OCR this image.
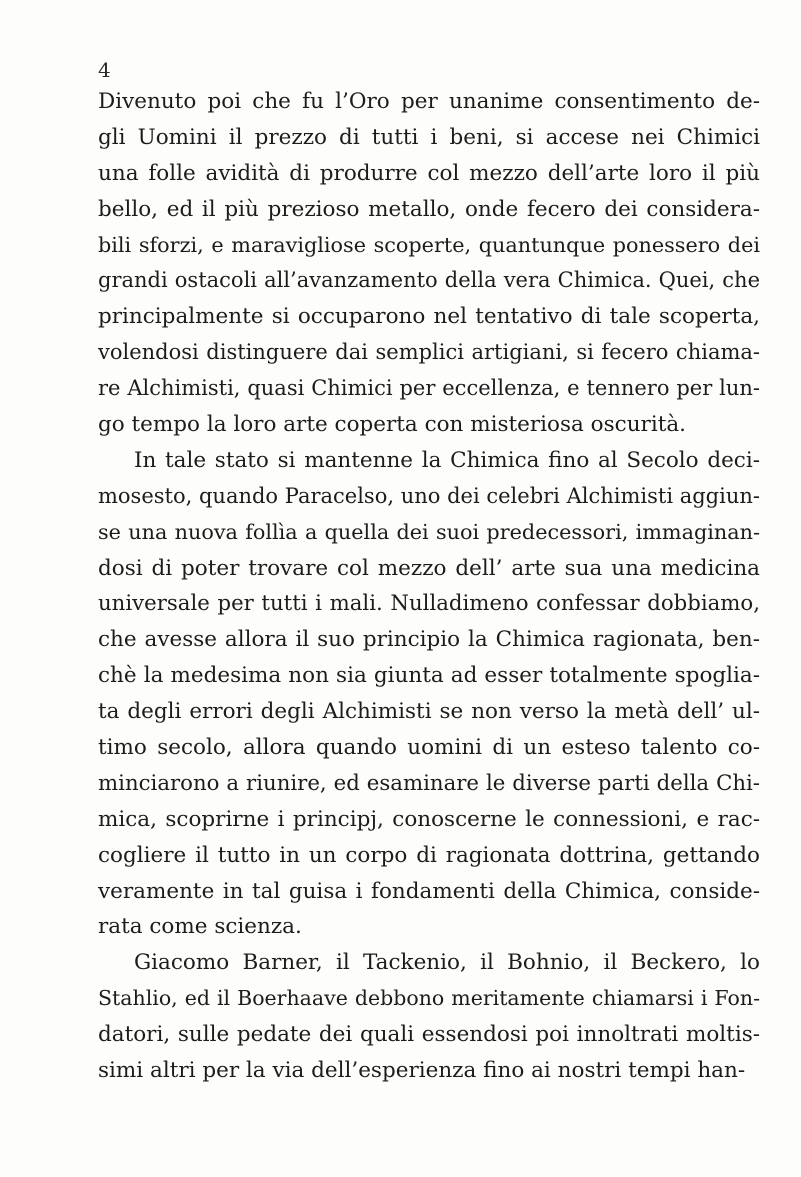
4
Divenuto poi che fu l’Oro per unanime consentimento de-
gli Uomini il prezzo di tutti i beni, si accese nei Chimici
una folle avidità di produrre col mezzo dell’arte loro il più
bello, ed il più prezioso metallo, onde fecero dei considera-
bili sforzi, e maravigliose scoperte, quantunque ponessero dei
grandi ostacoli all’avanzamento della vera Chimica. Quei, che
principalmente si occuparono nel tentativo di tale scoperta,
volendosi distinguere dai semplici artigiani, si fecero chiama-
re Alchimisti, quasi Chimici per eccellenza, e tennero per lun-
go tempo la loro arte coperta con misteriosa oscurità.
In tale stato si mantenne la Chimica fino al Secolo deci-
mosesto, quando Paracelso, uno dei celebri Alchimisti aggiun-
se una nuova follìa a quella dei suoi predecessori, immaginan-
dosi di poter trovare col mezzo dell’ arte sua una medicina
universale per tutti i mali. Nulladimeno confessar dobbiamo,
che avesse allora il suo principio la Chimica ragionata, ben-
chè la medesima non sia giunta ad esser totalmente spoglia-
ta degli errori degli Alchimisti se non verso la metà dell’ ul-
timo secolo, allora quando uomini di un esteso talento co-
minciarono a riunire, ed esaminare le diverse parti della Chi-
mica, scoprirne i principj, conoscerne le connessioni, e rac-
cogliere il tutto in un corpo di ragionata dottrina, gettando
veramente in tal guisa i fondamenti della Chimica, conside-
rata come scienza.
Giacomo Barner, il Tackenio, il Bohnio, il Beckero, lo
Stahlio, ed il Boerhaave debbono meritamente chiamarsi i Fon-
datori, sulle pedate dei quali essendosi poi innoltrati moltis-
simi altri per la via dell’esperienza fino ai nostri tempi han-
